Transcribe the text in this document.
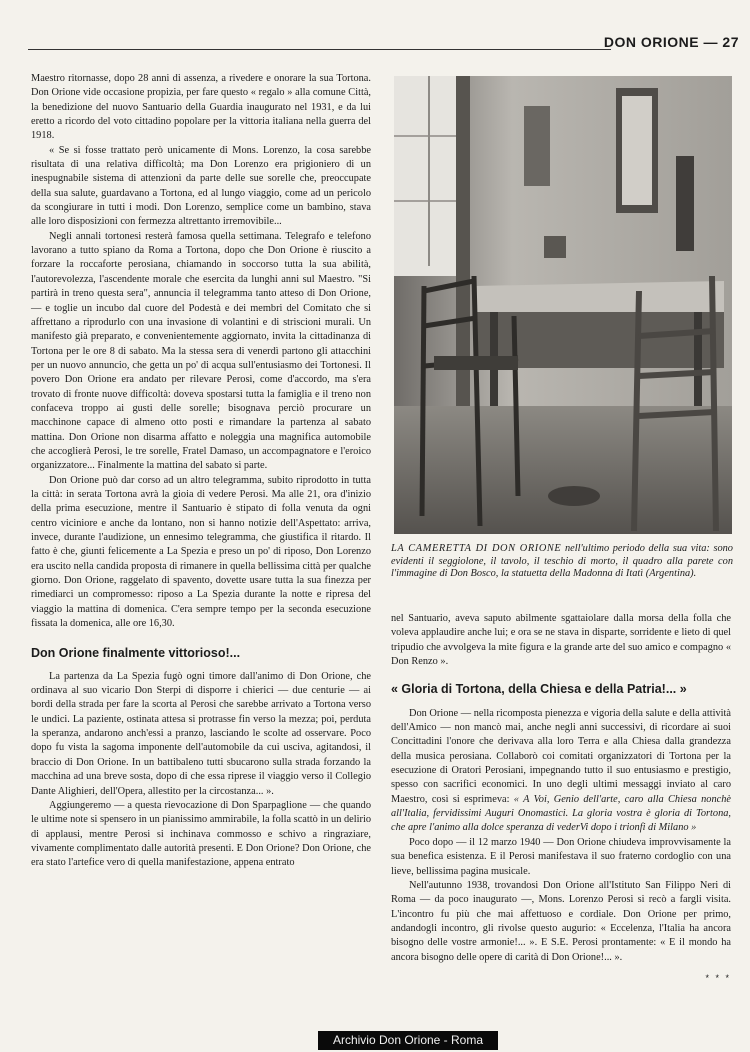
DON ORIONE — 27

Maestro ritornasse, dopo 28 anni di assenza, a rivedere e onorare la sua Tortona. Don Orione vide occasione propizia, per fare questo « regalo » alla comune Città, la benedizione del nuovo Santuario della Guardia inaugurato nel 1931, e da lui eretto a ricordo del voto cittadino popolare per la vittoria italiana nella guerra del 1918.

« Se si fosse trattato però unicamente di Mons. Lorenzo, la cosa sarebbe risultata di una relativa difficoltà; ma Don Lorenzo era prigioniero di un inespugnabile sistema di attenzioni da parte delle sue sorelle che, preoccupate della sua salute, guardavano a Tortona, ed al lungo viaggio, come ad un pericolo da scongiurare in tutti i modi. Don Lorenzo, semplice come un bambino, stava alle loro disposizioni con fermezza altrettanto irremovibile...

Negli annali tortonesi resterà famosa quella settimana. Telegrafo e telefono lavorano a tutto spiano da Roma a Tortona, dopo che Don Orione è riuscito a forzare la roccaforte perosiana, chiamando in soccorso tutta la sua abilità, l'autorevolezza, l'ascendente morale che esercita da lunghi anni sul Maestro. "Si partirà in treno questa sera", annuncia il telegramma tanto atteso di Don Orione, — e toglie un incubo dal cuore del Podestà e dei membri del Comitato che si affrettano a riprodurlo con una invasione di volantini e di striscioni murali. Un manifesto già preparato, e convenientemente aggiornato, invita la cittadinanza di Tortona per le ore 8 di sabato. Ma la stessa sera di venerdì partono gli attacchini per un nuovo annuncio, che getta un po' di acqua sull'entusiasmo dei Tortonesi. Il povero Don Orione era andato per rilevare Perosi, come d'accordo, ma s'era trovato di fronte nuove difficoltà: doveva spostarsi tutta la famiglia e il treno non confaceva troppo ai gusti delle sorelle; bisognava perciò procurare un macchinone capace di almeno otto posti e rimandare la partenza al sabato mattina. Don Orione non disarma affatto e noleggia una magnifica automobile che accoglierà Perosi, le tre sorelle, Fratel Damaso, un accompagnatore e l'eroico organizzatore... Finalmente la mattina del sabato si parte.

Don Orione può dar corso ad un altro telegramma, subito riprodotto in tutta la città: in serata Tortona avrà la gioia di vedere Perosi. Ma alle 21, ora d'inizio della prima esecuzione, mentre il Santuario è stipato di folla venuta da ogni centro viciniore e anche da lontano, non si hanno notizie dell'Aspettato: arriva, invece, durante l'audizione, un ennesimo telegramma, che giustifica il ritardo. Il fatto è che, giunti felicemente a La Spezia e preso un po' di riposo, Don Lorenzo era uscito nella candida proposta di rimanere in quella bellissima città per qualche giorno. Don Orione, raggelato di spavento, dovette usare tutta la sua finezza per rimediarci un compromesso: riposo a La Spezia durante la notte e ripresa del viaggio la mattina di domenica. C'era sempre tempo per la seconda esecuzione fissata la domenica, alle ore 16,30.

Don Orione finalmente vittorioso!...

La partenza da La Spezia fugò ogni timore dall'animo di Don Orione, che ordinava al suo vicario Don Sterpi di disporre i chierici — due centurie — ai bordi della strada per fare la scorta al Perosi che sarebbe arrivato a Tortona verso le undici. La pazientе, ostinata attesa si protrasse fin verso la mezza; poi, perduta la speranza, andarono anch'essi a pranzo, lasciando le scolte ad osservare. Poco dopo fu vista la sagoma imponente dell'automobile da cui usciva, agitandosi, il braccio di Don Orione. In un battibaleno tutti sbucarono sulla strada forzando la macchina ad una breve sosta, dopo di che essa riprese il viaggio verso il Collegio Dante Alighieri, dell'Opera, allestito per la circostanza... ».

Aggiungeremo — a questa rievocazione di Don Sparpaglione — che quando le ultime note si spensero in un pianissimo ammirabile, la folla scattò in un delirio di applausi, mentre Perosi si inchinava commosso e schivo a ringraziare, vivamente complimentato dalle autorità presenti. E Don Orione? Don Orione, che era stato l'artefice vero di quella manifestazione, appena entrato

LA CAMERETTA DI DON ORIONE nell'ultimo periodo della sua vita: sono evidenti il seggiolone, il tavolo, il teschio di morto, il quadro alla parete con l'immagine di Don Bosco, la statuetta della Madonna di Itatì (Argentina).

nel Santuario, aveva saputo abilmente sgattaiolare dalla morsa della folla che voleva applaudire anche lui; e ora se ne stava in disparte, sorridente e lieto di quel tripudio che avvolgeva la mite figura e la grande arte del suo amico e compagno « Don Renzo ».

« Gloria di Tortona, della Chiesa e della Patria!... »

Don Orione — nella ricomposta pienezza e vigoria della salute e della attività dell'Amico — non mancò mai, anche negli anni successivi, di ricordare ai suoi Concittadini l'onore che derivava alla loro Terra e alla Chiesa dalla grandezza della musica perosiana. Collaborò coi comitati organizzatori di Tortona per la esecuzione di Oratori Perosiani, impegnando tutto il suo entusiasmo e prestigio, spesso con sacrifici economici. In uno degli ultimi messaggi inviato al caro Maestro, così si esprimeva: « A Voi, Genio dell'arte, caro alla Chiesa nonchè all'Italia, fervidissimi Auguri Onomastici. La gloria vostra è gloria di Tortona, che apre l'animo alla dolce speranza di vederVi dopo i trionfi di Milano »

Poco dopo — il 12 marzo 1940 — Don Orione chiudeva improvvisamente la sua benefica esistenza. E il Perosi manifestava il suo fraterno cordoglio con una lieve, bellissima pagina musicale.

Nell'autunno 1938, trovandosi Don Orione all'Istituto San Filippo Neri di Roma — da poco inaugurato —, Mons. Lorenzo Perosi si recò a fargli visita. L'incontro fu più che mai affettuoso e cordiale. Don Orione per primo, andandogli incontro, gli rivolse questo augurio: « Eccelenza, l'Italia ha ancora bisogno delle vostre armonie!... ». E S.E. Perosi prontamente: « E il mondo ha ancora bisogno delle opere di carità di Don Orione!... ».

* * *
Archivio Don Orione - Roma
